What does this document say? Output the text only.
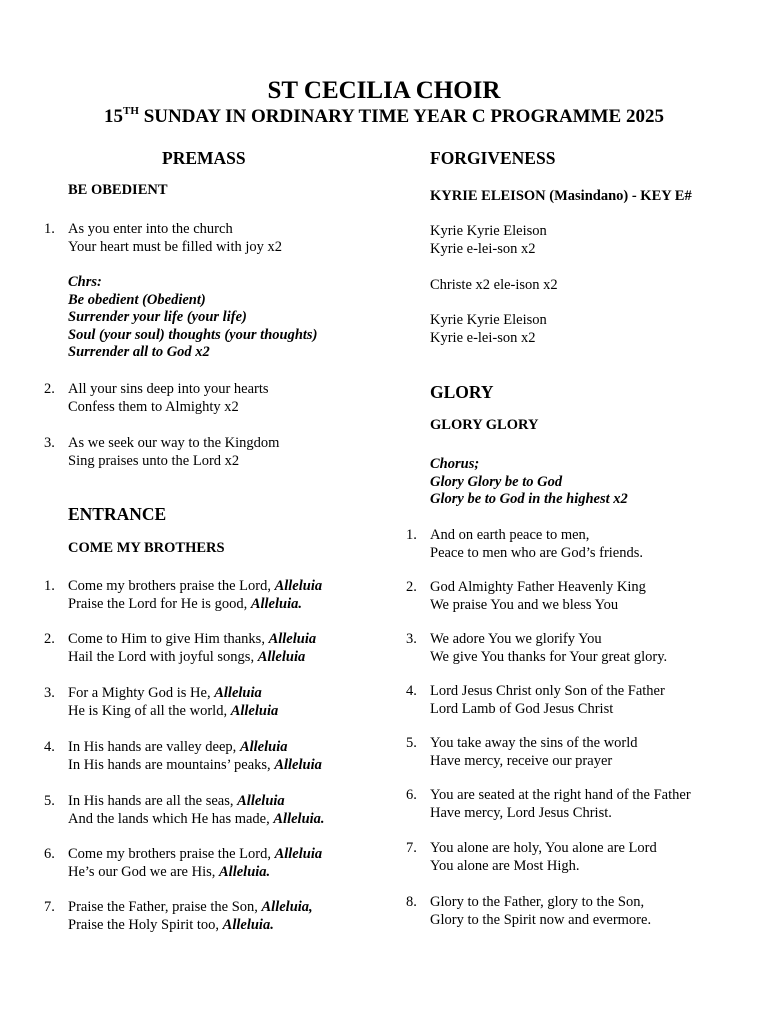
ST CECILIA CHOIR
15TH SUNDAY IN ORDINARY TIME YEAR C PROGRAMME 2025
PREMASS
BE OBEDIENT
1. As you enter into the church
Your heart must be filled with joy x2
Chrs:
Be obedient (Obedient)
Surrender your life (your life)
Soul (your soul) thoughts (your thoughts)
Surrender all to God x2
2. All your sins deep into your hearts
Confess them to Almighty x2
3. As we seek our way to the Kingdom
Sing praises unto the Lord x2
ENTRANCE
COME MY BROTHERS
1. Come my brothers praise the Lord, Alleluia
Praise the Lord for He is good, Alleluia.
2. Come to Him to give Him thanks, Alleluia
Hail the Lord with joyful songs, Alleluia
3. For a Mighty God is He, Alleluia
He is King of all the world, Alleluia
4. In His hands are valley deep, Alleluia
In His hands are mountains’ peaks, Alleluia
5. In His hands are all the seas, Alleluia
And the lands which He has made, Alleluia.
6. Come my brothers praise the Lord, Alleluia
He’s our God we are His, Alleluia.
7. Praise the Father, praise the Son, Alleluia,
Praise the Holy Spirit too, Alleluia.
FORGIVENESS
KYRIE ELEISON (Masindano) - KEY E#
Kyrie Kyrie Eleison
Kyrie e-lei-son x2
Christe x2 ele-ison x2
Kyrie Kyrie Eleison
Kyrie e-lei-son x2
GLORY
GLORY GLORY
Chorus;
Glory Glory be to God
Glory be to God in the highest x2
1. And on earth peace to men,
Peace to men who are God’s friends.
2. God Almighty Father Heavenly King
We praise You and we bless You
3. We adore You we glorify You
We give You thanks for Your great glory.
4. Lord Jesus Christ only Son of the Father
Lord Lamb of God Jesus Christ
5. You take away the sins of the world
Have mercy, receive our prayer
6. You are seated at the right hand of the Father
Have mercy, Lord Jesus Christ.
7. You alone are holy, You alone are Lord
You alone are Most High.
8. Glory to the Father, glory to the Son,
Glory to the Spirit now and evermore.
